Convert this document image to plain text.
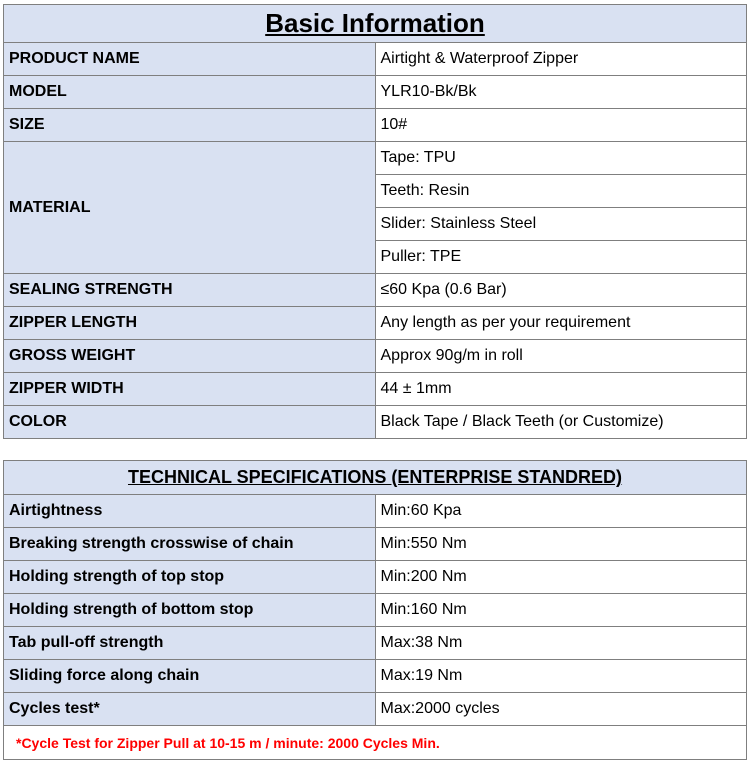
Basic Information	
PRODUCT NAME	Airtight & Waterproof Zipper
MODEL	YLR10-Bk/Bk
SIZE	10#
MATERIAL	Tape: TPU
	Teeth: Resin
	Slider: Stainless Steel
	Puller: TPE
SEALING STRENGTH	≤60 Kpa (0.6 Bar)
ZIPPER LENGTH	Any length as per your requirement
GROSS WEIGHT	Approx 90g/m in roll
ZIPPER WIDTH	44 ± 1mm
COLOR	Black Tape / Black Teeth (or Customize)
TECHNICAL SPECIFICATIONS (ENTERPRISE STANDRED)	
Airtightness	Min:60 Kpa
Breaking strength crosswise of chain	Min:550 Nm
Holding strength of top stop	Min:200 Nm
Holding strength of bottom stop	Min:160 Nm
Tab pull-off strength	Max:38 Nm
Sliding force along chain	Max:19 Nm
Cycles test*	Max:2000 cycles
*Cycle Test for Zipper Pull at 10-15 m / minute: 2000 Cycles Min.	
